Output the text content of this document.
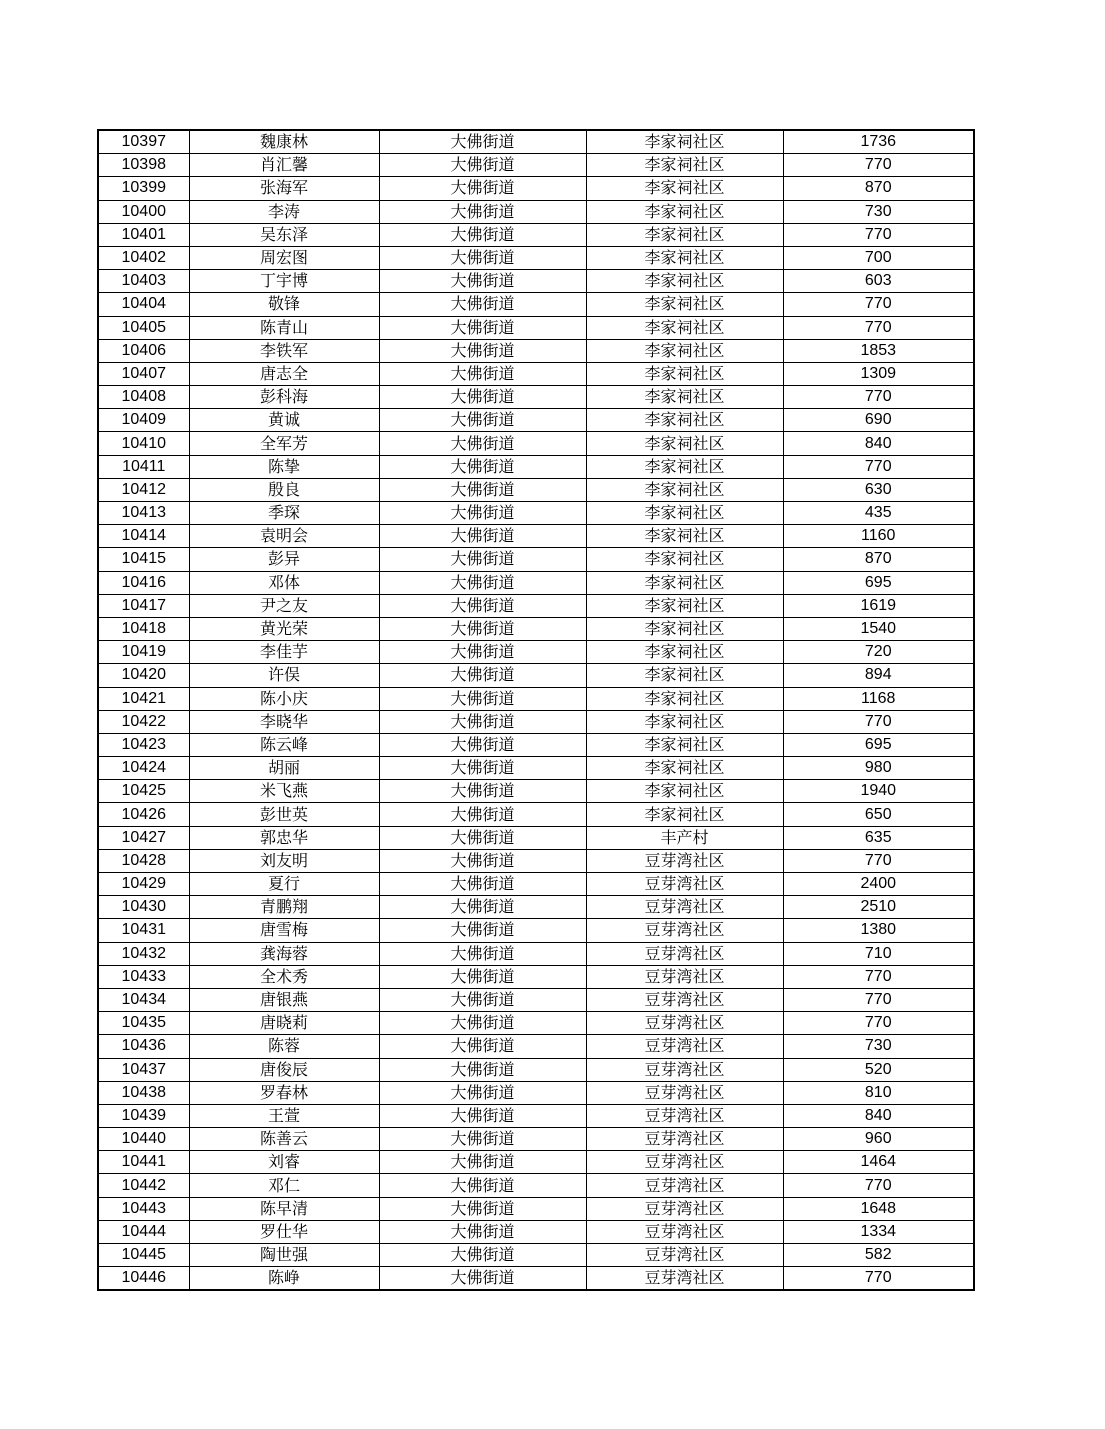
10397	魏康林	大佛街道	李家祠社区	1736
10398	肖汇馨	大佛街道	李家祠社区	770
10399	张海军	大佛街道	李家祠社区	870
10400	李涛	大佛街道	李家祠社区	730
10401	吴东泽	大佛街道	李家祠社区	770
10402	周宏图	大佛街道	李家祠社区	700
10403	丁宇博	大佛街道	李家祠社区	603
10404	敬锋	大佛街道	李家祠社区	770
10405	陈青山	大佛街道	李家祠社区	770
10406	李铁军	大佛街道	李家祠社区	1853
10407	唐志全	大佛街道	李家祠社区	1309
10408	彭科海	大佛街道	李家祠社区	770
10409	黄诚	大佛街道	李家祠社区	690
10410	全军芳	大佛街道	李家祠社区	840
10411	陈挚	大佛街道	李家祠社区	770
10412	殷良	大佛街道	李家祠社区	630
10413	季琛	大佛街道	李家祠社区	435
10414	袁明会	大佛街道	李家祠社区	1160
10415	彭异	大佛街道	李家祠社区	870
10416	邓体	大佛街道	李家祠社区	695
10417	尹之友	大佛街道	李家祠社区	1619
10418	黄光荣	大佛街道	李家祠社区	1540
10419	李佳芋	大佛街道	李家祠社区	720
10420	许俣	大佛街道	李家祠社区	894
10421	陈小庆	大佛街道	李家祠社区	1168
10422	李晓华	大佛街道	李家祠社区	770
10423	陈云峰	大佛街道	李家祠社区	695
10424	胡丽	大佛街道	李家祠社区	980
10425	米飞燕	大佛街道	李家祠社区	1940
10426	彭世英	大佛街道	李家祠社区	650
10427	郭忠华	大佛街道	丰产村	635
10428	刘友明	大佛街道	豆芽湾社区	770
10429	夏行	大佛街道	豆芽湾社区	2400
10430	青鹏翔	大佛街道	豆芽湾社区	2510
10431	唐雪梅	大佛街道	豆芽湾社区	1380
10432	龚海蓉	大佛街道	豆芽湾社区	710
10433	全术秀	大佛街道	豆芽湾社区	770
10434	唐银燕	大佛街道	豆芽湾社区	770
10435	唐晓莉	大佛街道	豆芽湾社区	770
10436	陈蓉	大佛街道	豆芽湾社区	730
10437	唐俊辰	大佛街道	豆芽湾社区	520
10438	罗春林	大佛街道	豆芽湾社区	810
10439	王萱	大佛街道	豆芽湾社区	840
10440	陈善云	大佛街道	豆芽湾社区	960
10441	刘睿	大佛街道	豆芽湾社区	1464
10442	邓仁	大佛街道	豆芽湾社区	770
10443	陈早清	大佛街道	豆芽湾社区	1648
10444	罗仕华	大佛街道	豆芽湾社区	1334
10445	陶世强	大佛街道	豆芽湾社区	582
10446	陈峥	大佛街道	豆芽湾社区	770
